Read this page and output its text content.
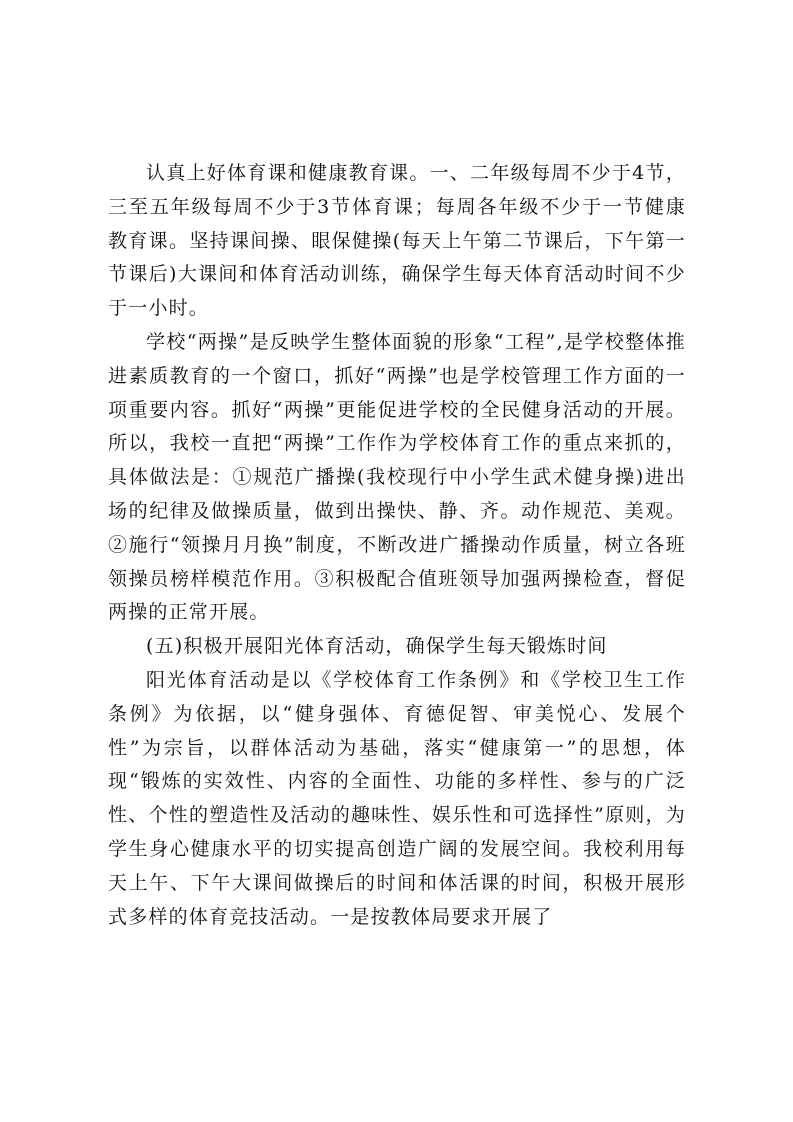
认真上好体育课和健康教育课。一、二年级每周不少于4节，三至五年级每周不少于3节体育课；每周各年级不少于一节健康教育课。坚持课间操、眼保健操(每天上午第二节课后，下午第一节课后)大课间和体育活动训练，确保学生每天体育活动时间不少于一小时。

学校“两操”是反映学生整体面貌的形象“工程”,是学校整体推进素质教育的一个窗口，抓好“两操”也是学校管理工作方面的一项重要内容。抓好“两操”更能促进学校的全民健身活动的开展。所以，我校一直把“两操”工作作为学校体育工作的重点来抓的，具体做法是：①规范广播操(我校现行中小学生武术健身操)进出场的纪律及做操质量，做到出操快、静、齐。动作规范、美观。②施行“领操月月换”制度，不断改进广播操动作质量，树立各班领操员榜样模范作用。③积极配合值班领导加强两操检查，督促两操的正常开展。

(五)积极开展阳光体育活动，确保学生每天锻炼时间

阳光体育活动是以《学校体育工作条例》和《学校卫生工作条例》为依据，以“健身强体、育德促智、审美悦心、发展个性”为宗旨，以群体活动为基础，落实“健康第一”的思想，体现“锻炼的实效性、内容的全面性、功能的多样性、参与的广泛性、个性的塑造性及活动的趣味性、娱乐性和可选择性”原则，为学生身心健康水平的切实提高创造广阔的发展空间。我校利用每天上午、下午大课间做操后的时间和体活课的时间，积极开展形式多样的体育竞技活动。一是按教体局要求开展了
